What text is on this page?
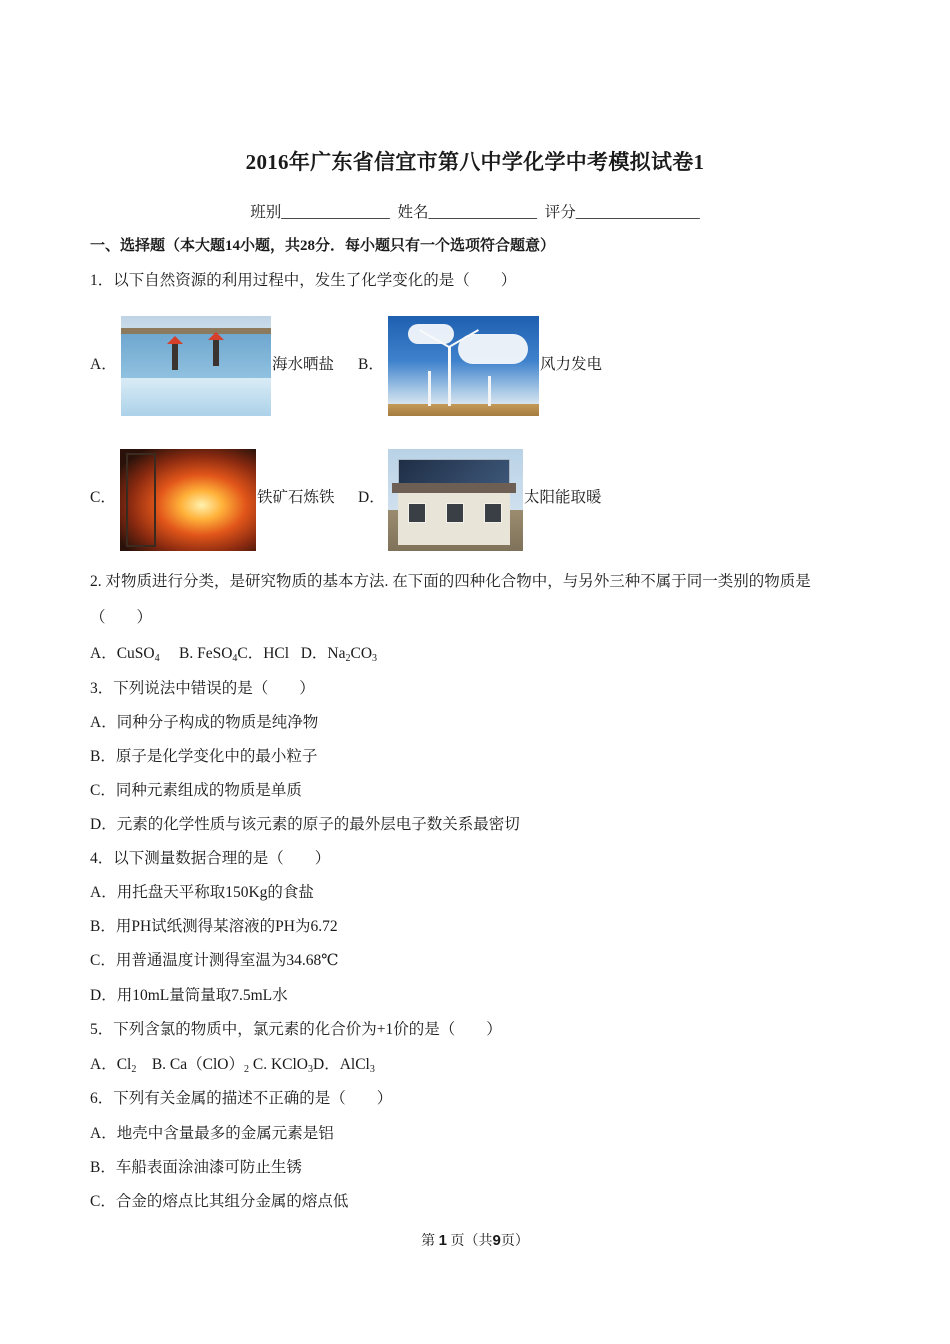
2016年广东省信宜市第八中学化学中考模拟试卷1
班别______________  姓名______________  评分________________
一、选择题（本大题14小题，共28分．每小题只有一个选项符合题意）
1．以下自然资源的利用过程中，发生了化学变化的是（　　）
A．	海水晒盐 B．	风力发电
C．	铁矿石炼铁 D．	太阳能取暖
2. 对物质进行分类，是研究物质的基本方法. 在下面的四种化合物中，与另外三种不属于同一类别的物质是
（　　）
A．CuSO$_4$ B. FeSO$_4$C．HCl D．$Na_2CO_3$
3．下列说法中错误的是（　　）
A．同种分子构成的物质是纯净物
B．原子是化学变化中的最小粒子
C．同种元素组成的物质是单质
D．元素的化学性质与该元素的原子的最外层电子数关系最密切
4．以下测量数据合理的是（　　）
A．用托盘天平称取150Kg的食盐
B．用PH试纸测得某溶液的PH为6.72
C．用普通温度计测得室温为34.68℃
D．用10mL量筒量取7.5mL水
5．下列含氯的物质中，氯元素的化合价为+1价的是（　　）
A．$Cl_2$ B. $Ca(ClO)_2$ C. KClO$_3$D．AlCl$_3$
6．下列有关金属的描述不正确的是（　　）
A．地壳中含量最多的金属元素是铝
B．车船表面涂油漆可防止生锈
C．合金的熔点比其组分金属的熔点低
第 1 页（共9页）
